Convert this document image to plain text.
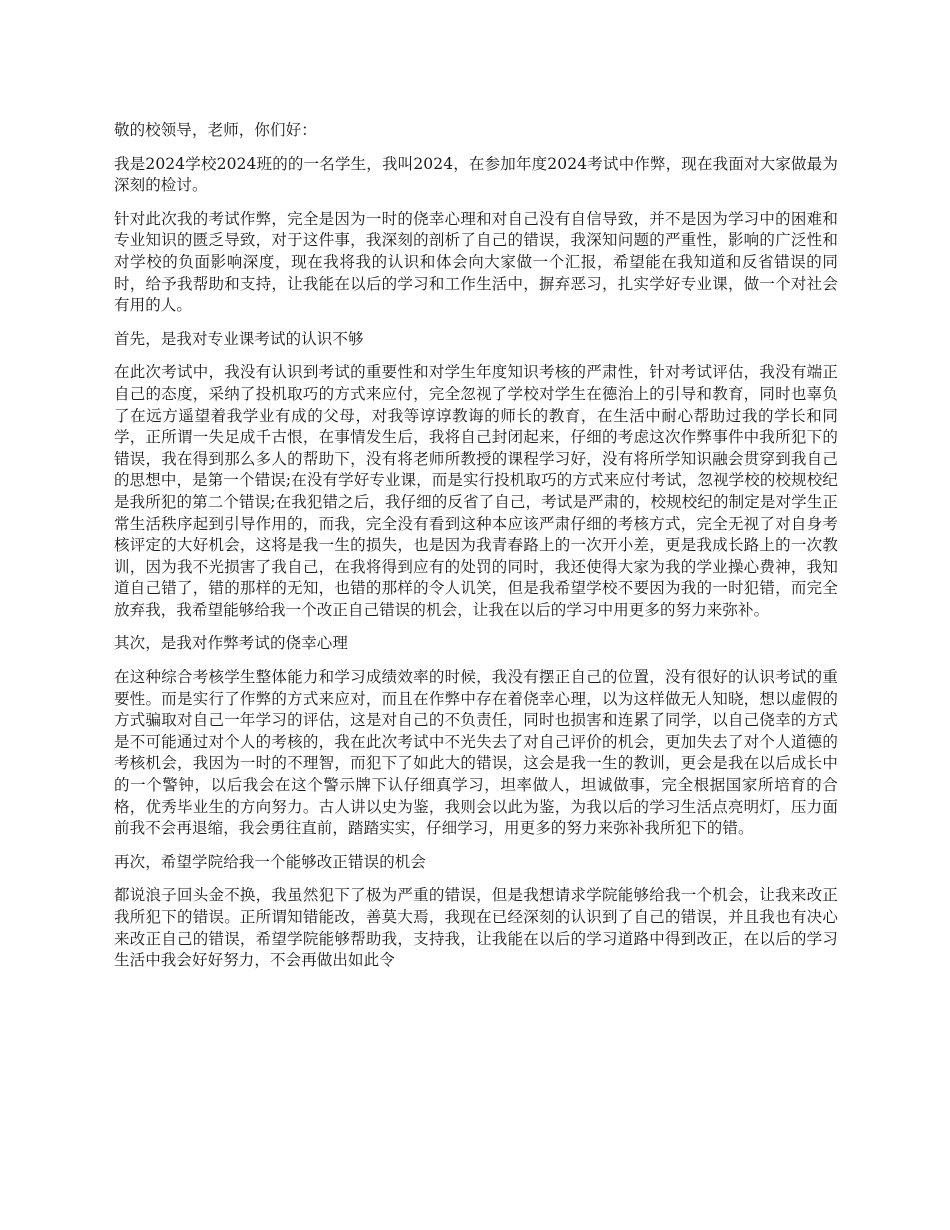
敬的校领导，老师，你们好：

我是2024学校2024班的的一名学生，我叫2024，在参加年度2024考试中作弊，现在我面对大家做最为深刻的检讨。

针对此次我的考试作弊，完全是因为一时的侥幸心理和对自己没有自信导致，并不是因为学习中的困难和专业知识的匮乏导致，对于这件事，我深刻的剖析了自己的错误，我深知问题的严重性，影响的广泛性和对学校的负面影响深度，现在我将我的认识和体会向大家做一个汇报，希望能在我知道和反省错误的同时，给予我帮助和支持，让我能在以后的学习和工作生活中，摒弃恶习，扎实学好专业课，做一个对社会有用的人。

首先，是我对专业课考试的认识不够

在此次考试中，我没有认识到考试的重要性和对学生年度知识考核的严肃性，针对考试评估，我没有端正自己的态度，采纳了投机取巧的方式来应付，完全忽视了学校对学生在德治上的引导和教育，同时也辜负了在远方遥望着我学业有成的父母，对我等谆谆教诲的师长的教育，在生活中耐心帮助过我的学长和同学，正所谓一失足成千古恨，在事情发生后，我将自己封闭起来，仔细的考虑这次作弊事件中我所犯下的错误，我在得到那么多人的帮助下，没有将老师所教授的课程学习好，没有将所学知识融会贯穿到我自己的思想中，是第一个错误;在没有学好专业课，而是实行投机取巧的方式来应付考试，忽视学校的校规校纪是我所犯的第二个错误;在我犯错之后，我仔细的反省了自己，考试是严肃的，校规校纪的制定是对学生正常生活秩序起到引导作用的，而我，完全没有看到这种本应该严肃仔细的考核方式，完全无视了对自身考核评定的大好机会，这将是我一生的损失，也是因为我青春路上的一次开小差，更是我成长路上的一次教训，因为我不光损害了我自己，在我将得到应有的处罚的同时，我还使得大家为我的学业操心费神，我知道自己错了，错的那样的无知，也错的那样的令人讥笑，但是我希望学校不要因为我的一时犯错，而完全放弃我，我希望能够给我一个改正自己错误的机会，让我在以后的学习中用更多的努力来弥补。

其次，是我对作弊考试的侥幸心理

在这种综合考核学生整体能力和学习成绩效率的时候，我没有摆正自己的位置，没有很好的认识考试的重要性。而是实行了作弊的方式来应对，而且在作弊中存在着侥幸心理，以为这样做无人知晓，想以虚假的方式骗取对自己一年学习的评估，这是对自己的不负责任，同时也损害和连累了同学，以自己侥幸的方式是不可能通过对个人的考核的，我在此次考试中不光失去了对自己评价的机会，更加失去了对个人道德的考核机会，我因为一时的不理智，而犯下了如此大的错误，这会是我一生的教训，更会是我在以后成长中的一个警钟，以后我会在这个警示牌下认仔细真学习，坦率做人，坦诚做事，完全根据国家所培育的合格，优秀毕业生的方向努力。古人讲以史为鉴，我则会以此为鉴，为我以后的学习生活点亮明灯，压力面前我不会再退缩，我会勇往直前，踏踏实实，仔细学习，用更多的努力来弥补我所犯下的错。

再次，希望学院给我一个能够改正错误的机会

都说浪子回头金不换，我虽然犯下了极为严重的错误，但是我想请求学院能够给我一个机会，让我来改正我所犯下的错误。正所谓知错能改，善莫大焉，我现在已经深刻的认识到了自己的错误，并且我也有决心来改正自己的错误，希望学院能够帮助我，支持我，让我能在以后的学习道路中得到改正，在以后的学习生活中我会好好努力，不会再做出如此令
